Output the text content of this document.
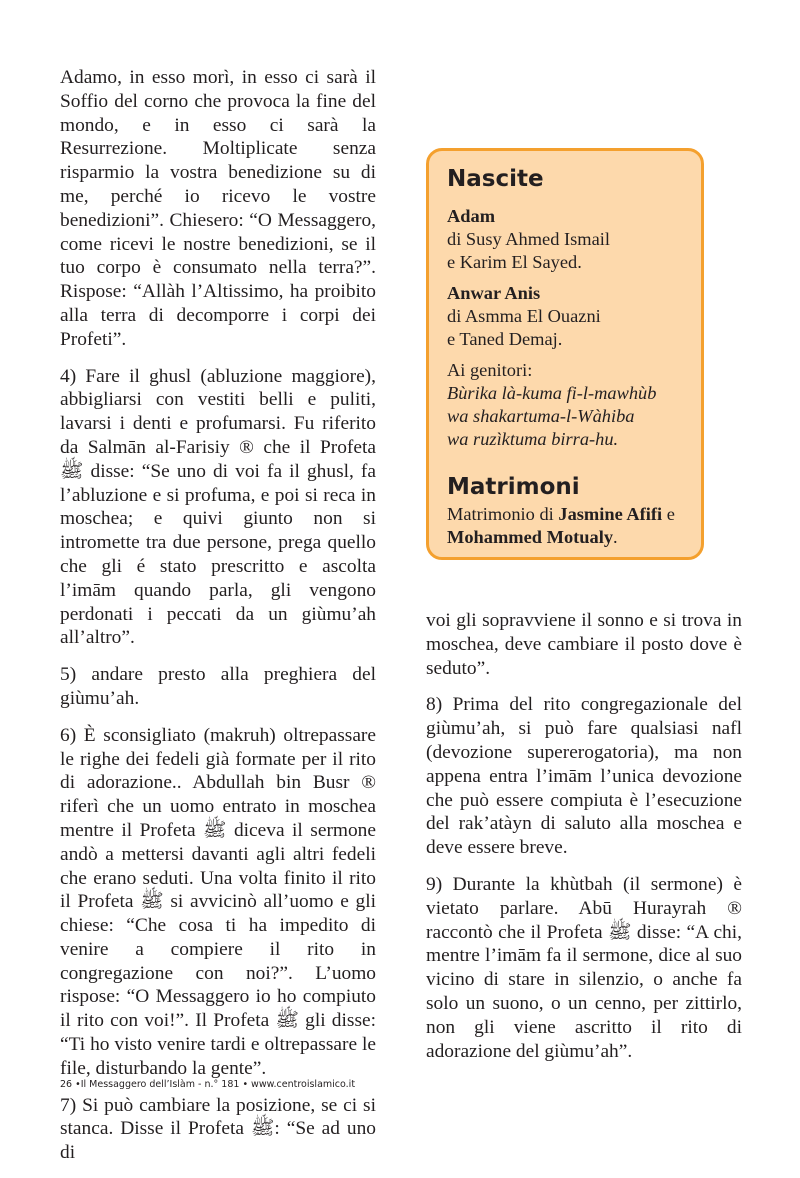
Adamo, in esso morì, in esso ci sarà il Soffio del corno che provoca la fine del mondo, e in esso ci sarà la Resurrezione. Moltiplicate senza risparmio la vostra benedizione su di me, perché io ricevo le vostre benedizioni”. Chiesero: “O Messaggero, come ricevi le nostre benedizioni, se il tuo corpo è consumato nella terra?”. Rispose: “Allàh l’Altissimo, ha proibito alla terra di decomporre i corpi dei Profeti”.

4) Fare il ghusl (abluzione maggiore), abbigliarsi con vestiti belli e puliti, lavarsi i denti e profumarsi. Fu riferito da Salmān al-Farisiy ® che il Profeta ﷺ disse: “Se uno di voi fa il ghusl, fa l’abluzione e si profuma, e poi si reca in moschea; e quivi giunto non si intromette tra due persone, prega quello che gli é stato prescritto e ascolta l’imām quando parla, gli vengono perdonati i peccati da un giùmu’ah all’altro”.

5) andare presto alla preghiera del giùmu’ah.

6) È sconsigliato (makruh) oltrepassare le righe dei fedeli già formate per il rito di adorazione.. Abdullah bin Busr ® riferì che un uomo entrato in moschea mentre il Profeta ﷺ diceva il sermone andò a mettersi davanti agli altri fedeli che erano seduti. Una volta finito il rito il Profeta ﷺ si avvicinò all’uomo e gli chiese: “Che cosa ti ha impedito di venire a compiere il rito in congregazione con noi?”. L’uomo rispose: “O Messaggero io ho compiuto il rito con voi!”. Il Profeta ﷺ gli disse: “Ti ho visto venire tardi e oltrepassare le file, disturbando la gente”.

7) Si può cambiare la posizione, se ci si stanca. Disse il Profeta ﷺ: “Se ad uno di

Nascite
Adam
di Susy Ahmed Ismail
e Karim El Sayed.
Anwar Anis
di Asmma El Ouazni
e Taned Demaj.
Ai genitori:
Bùrika là-kuma fi-l-mawhùb
wa shakartuma-l-Wàhiba
wa ruzìktuma birra-hu.
Matrimoni
Matrimonio di Jasmine Afifi e Mohammed Motualy.

voi gli sopravviene il sonno e si trova in moschea, deve cambiare il posto dove è seduto”.

8) Prima del rito congregazionale del giùmu’ah, si può fare qualsiasi nafl (devozione supererogatoria), ma non appena entra l’imām l’unica devozione che può essere compiuta è l’esecuzione del rak’atàyn di saluto alla moschea e deve essere breve.

9) Durante la khùtbah (il sermone) è vietato parlare. Abū Hurayrah ® raccontò che il Profeta ﷺ disse: “A chi, mentre l’imām fa il sermone, dice al suo vicino di stare in silenzio, o anche fa solo un suono, o un cenno, per zittirlo, non gli viene ascritto il rito di adorazione del giùmu’ah”.

26 •Il Messaggero dell’Islàm - n.° 181 • www.centroislamico.it
